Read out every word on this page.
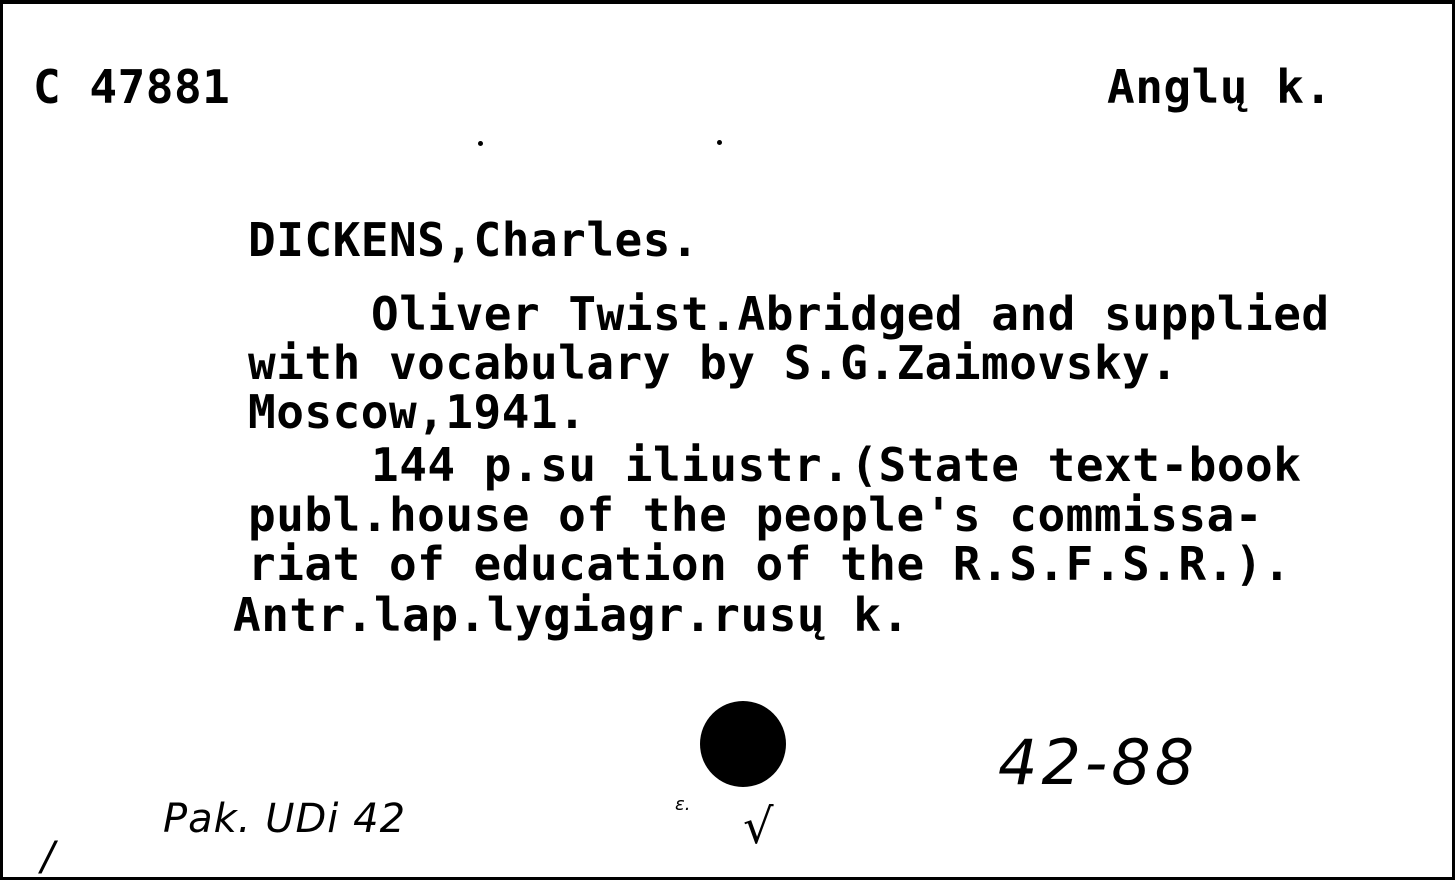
C 47881	Anglų k.
DICKENS,Charles.
Oliver Twist.Abridged and supplied
with vocabulary by S.G.Zaimovsky.
Moscow,1941.
144 p.su iliustr.(State text-book
publ.house of the people's commissa-
riat of education of the R.S.F.S.R.).
Antr.lap.lygiagr.rusų k.
42-88
Pak. UDi 42	√
ε.
/
